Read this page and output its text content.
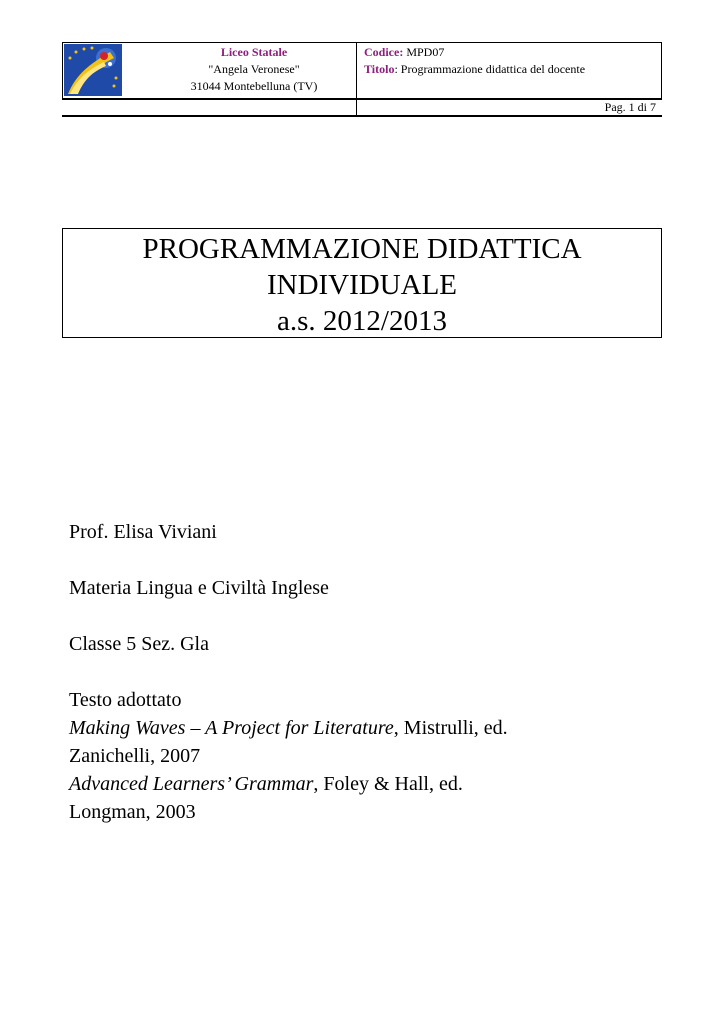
Liceo Statale
"Angela Veronese"
31044 Montebelluna (TV)
Codice: MPD07
Titolo: Programmazione didattica del docente
Pag. 1 di 7
PROGRAMMAZIONE DIDATTICA
INDIVIDUALE
a.s. 2012/2013
Prof. Elisa Viviani
Materia Lingua e Civiltà Inglese
Classe 5 Sez. Gla
Testo adottato
Making Waves – A Project for Literature, Mistrulli, ed.
Zanichelli, 2007
Advanced Learners’ Grammar, Foley & Hall, ed.
Longman, 2003
